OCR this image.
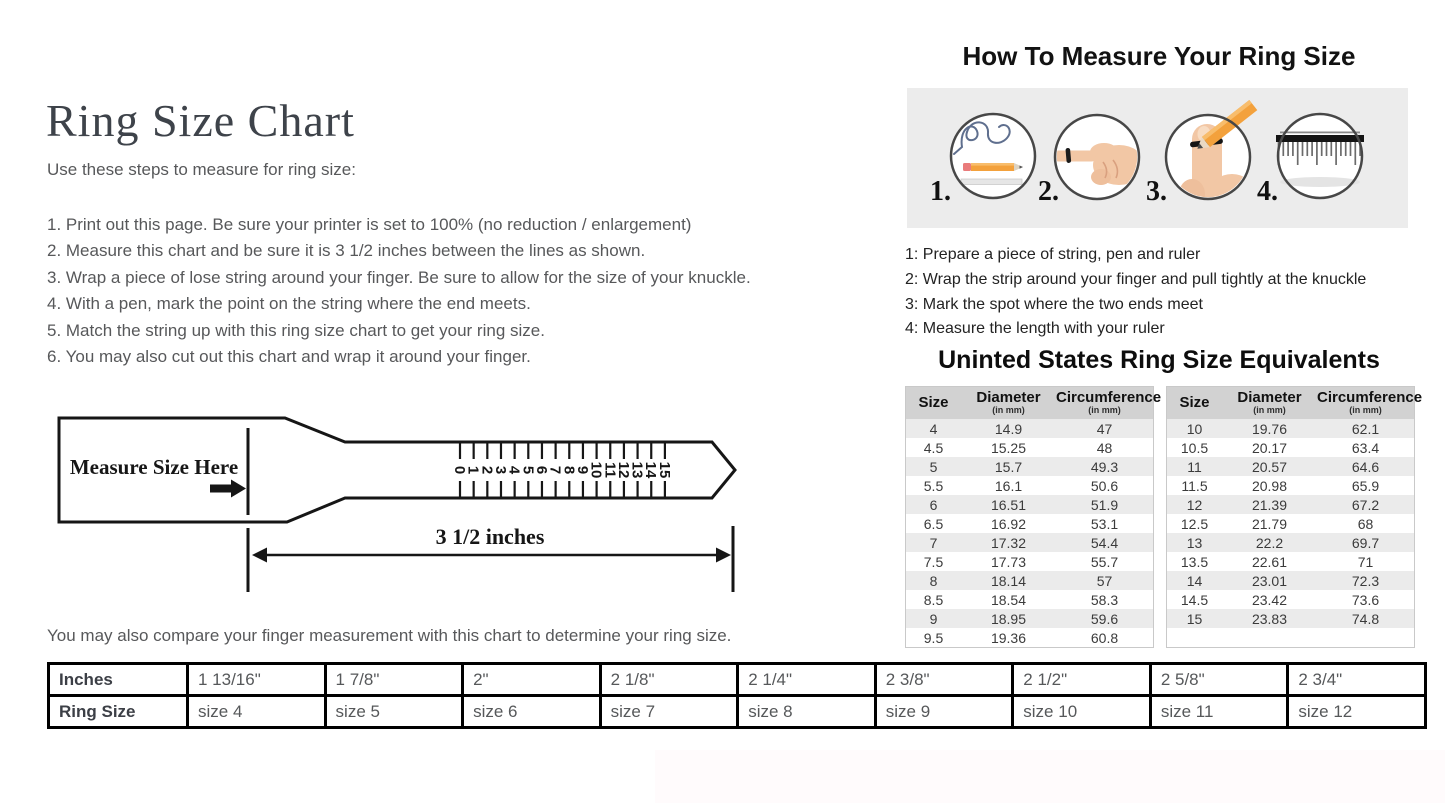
Ring Size Chart
Use these steps to measure for ring size:
1. Print out this page. Be sure your printer is set to 100% (no reduction / enlargement)
2. Measure this chart and be sure it is 3 1/2 inches between the lines as shown.
3. Wrap a piece of lose string around your finger. Be sure to allow for the size of your knuckle.
4. With a pen, mark the point on the string where the end meets.
5. Match the string up with this ring size chart to get your ring size.
6. You may also cut out this chart and wrap it around your finger.
Measure Size Here
3 1/2 inches
0
1
2
3
4
5
6
7
8
9
10
11
12
13
14
15
You may also compare your finger measurement with this chart to determine your ring size.
How To Measure Your Ring Size
1.	2.	3.	4.
1: Prepare a piece of string, pen and ruler
2: Wrap the strip around your finger and pull tightly at the knuckle
3: Mark the spot where the two ends meet
4: Measure the length with your ruler
Uninted States Ring Size Equivalents
Size	Diameter
(in mm)

Circumference
(in mm)

4	14.9	47
4.5	15.25	48
5	15.7	49.3
5.5	16.1	50.6
6	16.51	51.9
6.5	16.92	53.1
7	17.32	54.4
7.5	17.73	55.7
8	18.14	57
8.5	18.54	58.3
9	18.95	59.6
9.5	19.36	60.8
Size	Diameter
(in mm)

Circumference
(in mm)

10	19.76	62.1
10.5	20.17	63.4
11	20.57	64.6
11.5	20.98	65.9
12	21.39	67.2
12.5	21.79	68
13	22.2	69.7
13.5	22.61	71
14	23.01	72.3
14.5	23.42	73.6
15	23.83	74.8
Inches	1 13/16"	1 7/8"	2"	2 1/8"	2 1/4"	2 3/8"	2 1/2"	2 5/8"	2 3/4"
Ring Size	size 4	size 5	size 6	size 7	size 8	size 9	size 10	size 11	size 12
